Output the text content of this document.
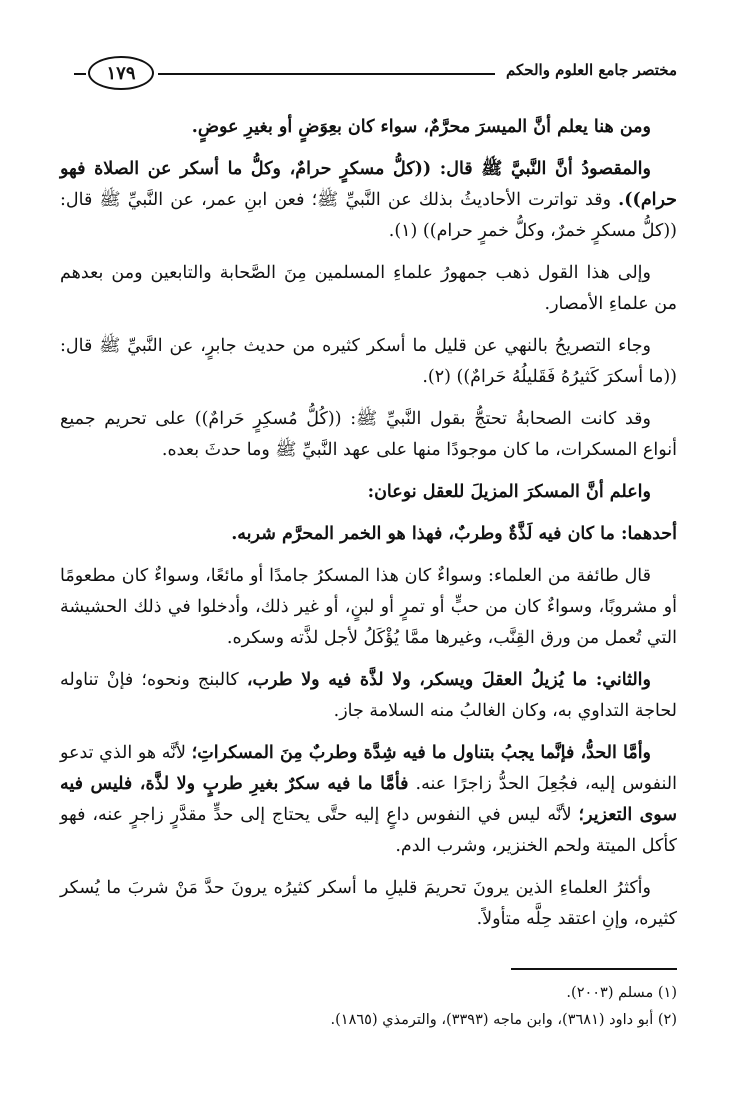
١٧٩	مختصر جامع العلوم والحكم

ومن هنا يعلم أنَّ الميسرَ محرَّمٌ، سواء كان بعِوَضٍ أو بغيرِ عوضٍ.

والمقصودُ أنَّ النَّبيَّ ﷺ قال: ((كلُّ مسكرٍ حرامٌ، وكلُّ ما أسكر عن الصلاة فهو حرام)). وقد تواترت الأحاديثُ بذلك عن النَّبيِّ ﷺ؛ فعن ابنِ عمر، عن النَّبيِّ ﷺ قال: ((كلُّ مسكرٍ خمرٌ، وكلُّ خمرٍ حرام)) (١).

وإلى هذا القول ذهب جمهورُ علماءِ المسلمين مِنَ الصَّحابة والتابعين ومن بعدهم من علماءِ الأمصار.

وجاء التصريحُ بالنهي عن قليل ما أسكر كثيره من حديث جابرٍ، عن النَّبيِّ ﷺ قال: ((ما أسكرَ كَثيرُهُ فَقَليلُهُ حَرامٌ)) (٢).

وقد كانت الصحابةُ تحتجُّ بقول النَّبيِّ ﷺ: ((كُلُّ مُسكِرٍ حَرامٌ)) على تحريم جميع أنواع المسكرات، ما كان موجودًا منها على عهد النَّبيِّ ﷺ وما حدثَ بعده.

واعلم أنَّ المسكرَ المزيلَ للعقل نوعان:

أحدهما: ما كان فيه لَذَّةٌ وطربٌ، فهذا هو الخمر المحرَّم شربه.

قال طائفة من العلماء: وسواءٌ كان هذا المسكرُ جامدًا أو مائعًا، وسواءٌ كان مطعومًا أو مشروبًا، وسواءٌ كان من حبٍّ أو تمرٍ أو لبنٍ، أو غير ذلك، وأدخلوا في ذلك الحشيشة التي تُعمل من ورق القِنَّب، وغيرها ممَّا يُؤْكَلُ لأجل لذَّته وسكره.

والثاني: ما يُزيلُ العقلَ ويسكر، ولا لذَّة فيه ولا طرب، كالبنج ونحوه؛ فإنْ تناوله لحاجة التداوي به، وكان الغالبُ منه السلامة جاز.

وأمَّا الحدُّ، فإنَّما يجبُ بتناول ما فيه شِدَّة وطربٌ مِنَ المسكراتِ؛ لأنَّه هو الذي تدعو النفوس إليه، فجُعِلَ الحدُّ زاجرًا عنه. فأمَّا ما فيه سكرٌ بغيرِ طربٍ ولا لذَّة، فليس فيه سوى التعزير؛ لأنَّه ليس في النفوس داعٍ إليه حتَّى يحتاج إلى حدٍّ مقدَّرٍ زاجرٍ عنه، فهو كأكل الميتة ولحم الخنزير، وشرب الدم.

وأكثرُ العلماءِ الذين يرونَ تحريمَ قليلِ ما أسكر كثيرُه يرونَ حدَّ مَنْ شربَ ما يُسكر كثيره، وإنِ اعتقد حِلَّه متأولاً.

(١) مسلم (٢٠٠٣).
(٢) أبو داود (٣٦٨١)، وابن ماجه (٣٣٩٣)، والترمذي (١٨٦٥).
